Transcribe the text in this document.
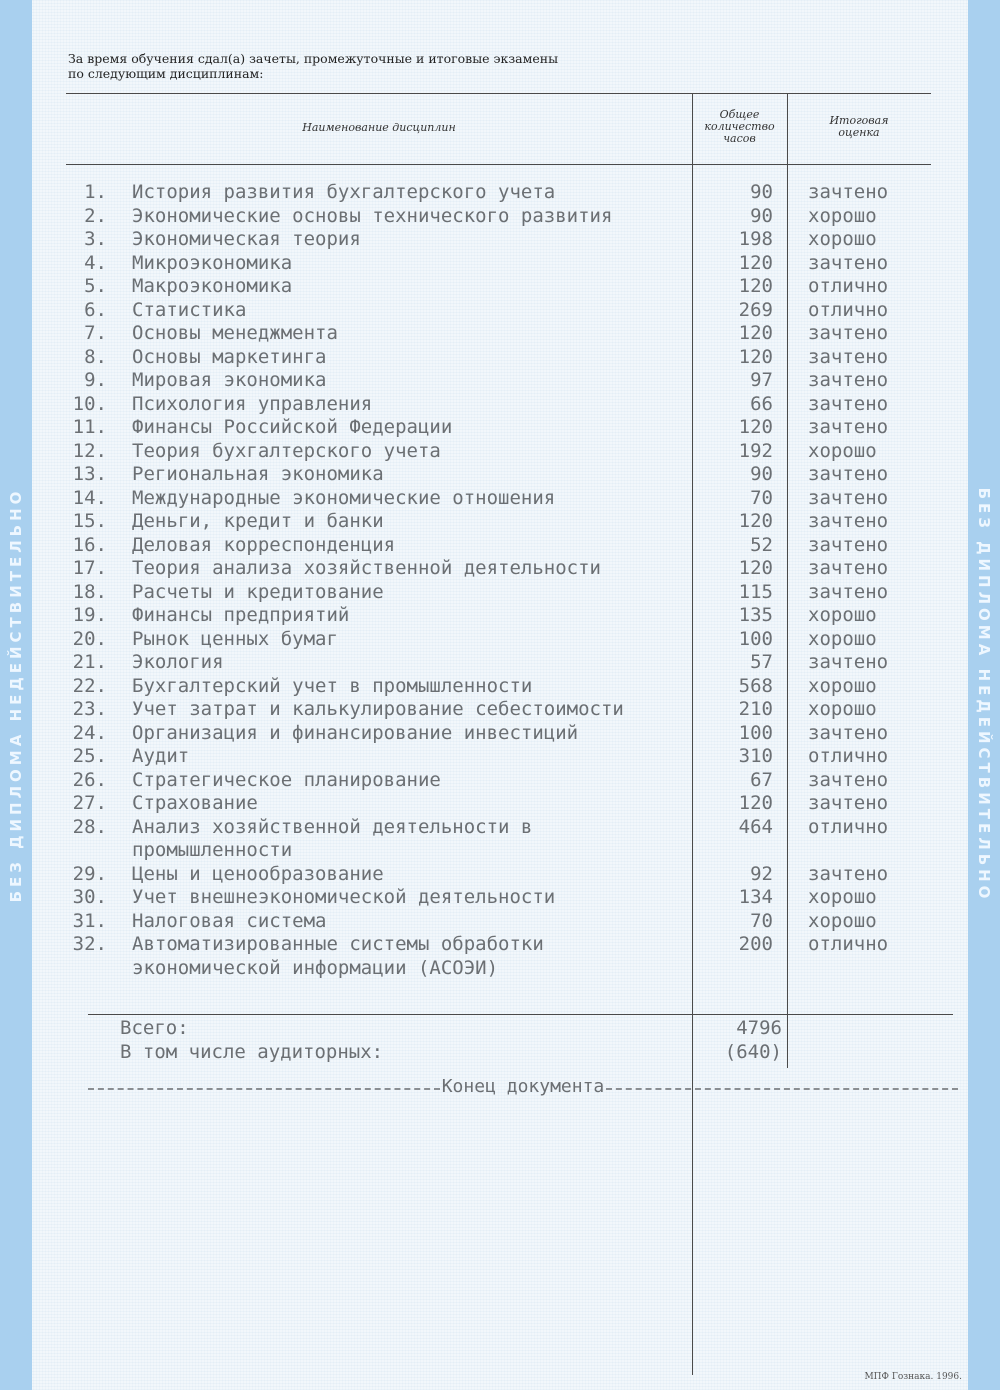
БЕЗ ДИПЛОМА НЕДЕЙСТВИТЕЛЬНО	БЕЗ ДИПЛОМА НЕДЕЙСТВИТЕЛЬНО
За время обучения сдал(а) зачеты, промежуточные и итоговые экзамены
по следующим дисциплинам:
Наименование дисциплин
Общее
количество
часов
Итоговая
оценка
1. История развития бухгалтерского учета	90 зачтено
2. Экономические основы технического развития	90 хорошо
3. Экономическая теория	198 хорошо
4. Микроэкономика	120 зачтено
5. Макроэкономика	120 отлично
6. Статистика	269 отлично
7. Основы менеджмента	120 зачтено
8. Основы маркетинга	120 зачтено
9. Мировая экономика	97 зачтено
10. Психология управления	66 зачтено
11. Финансы Российской Федерации	120 зачтено
12. Теория бухгалтерского учета	192 хорошо
13. Региональная экономика	90 зачтено
14. Международные экономические отношения	70 зачтено
15. Деньги, кредит и банки	120 зачтено
16. Деловая корреспонденция	52 зачтено
17. Теория анализа хозяйственной деятельности	120 зачтено
18. Расчеты и кредитование	115 зачтено
19. Финансы предприятий	135 хорошо
20. Рынок ценных бумаг	100 хорошо
21. Экология	57 зачтено
22. Бухгалтерский учет в промышленности	568 хорошо
23. Учет затрат и калькулирование себестоимости	210 хорошо
24. Организация и финансирование инвестиций	100 зачтено
25. Аудит	310 отлично
26. Стратегическое планирование	67 зачтено
27. Страхование	120 зачтено
28. Анализ хозяйственной деятельности в промышленности
464 отлично
29. Цены и ценообразование	92 зачтено
30. Учет внешнеэкономической деятельности	134 хорошо
31. Налоговая система	70 хорошо
32. Автоматизированные системы обработки экономической информации (АСОЭИ)
200 отлично
Всего:	4796
В том числе аудиторных:	(640)
Конец документа
МПФ Гознака. 1996.
